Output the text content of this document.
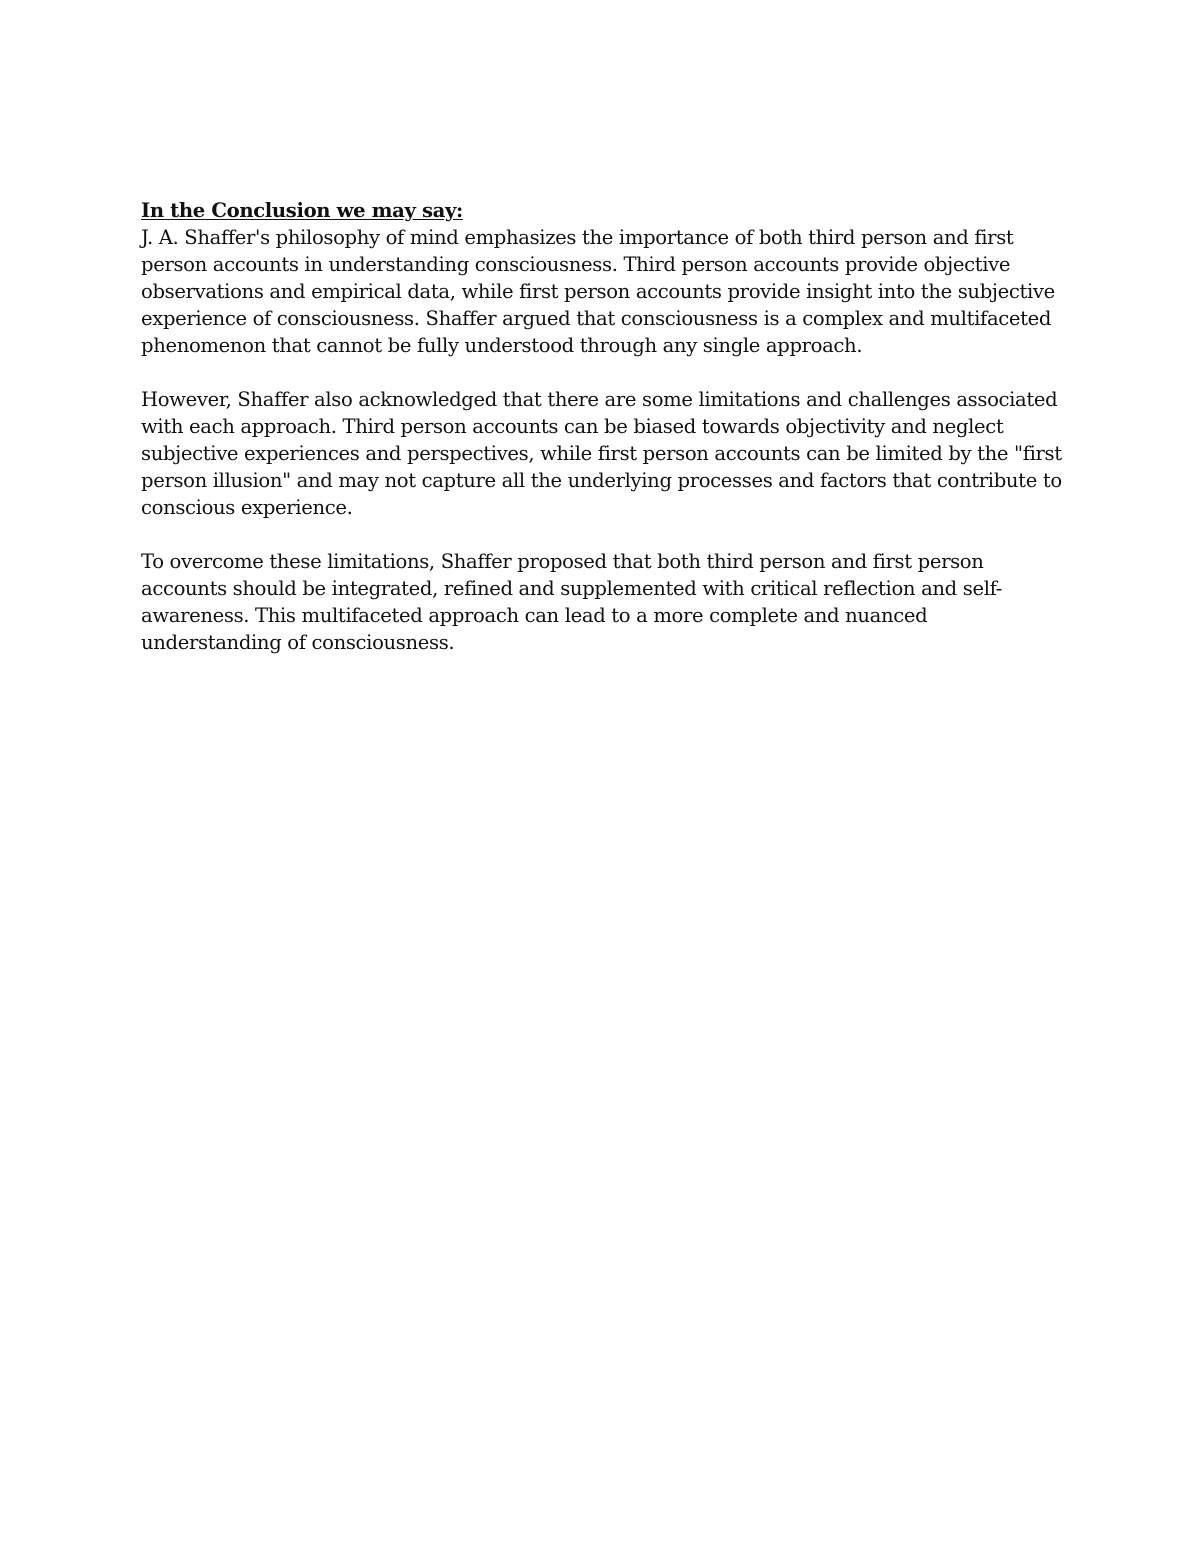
In the Conclusion we may say:

J. A. Shaffer's philosophy of mind emphasizes the importance of both third person and first person accounts in understanding consciousness. Third person accounts provide objective observations and empirical data, while first person accounts provide insight into the subjective experience of consciousness. Shaffer argued that consciousness is a complex and multifaceted phenomenon that cannot be fully understood through any single approach.

However, Shaffer also acknowledged that there are some limitations and challenges associated with each approach. Third person accounts can be biased towards objectivity and neglect subjective experiences and perspectives, while first person accounts can be limited by the "first person illusion" and may not capture all the underlying processes and factors that contribute to conscious experience.

To overcome these limitations, Shaffer proposed that both third person and first person accounts should be integrated, refined and supplemented with critical reflection and self-awareness. This multifaceted approach can lead to a more complete and nuanced understanding of consciousness.
